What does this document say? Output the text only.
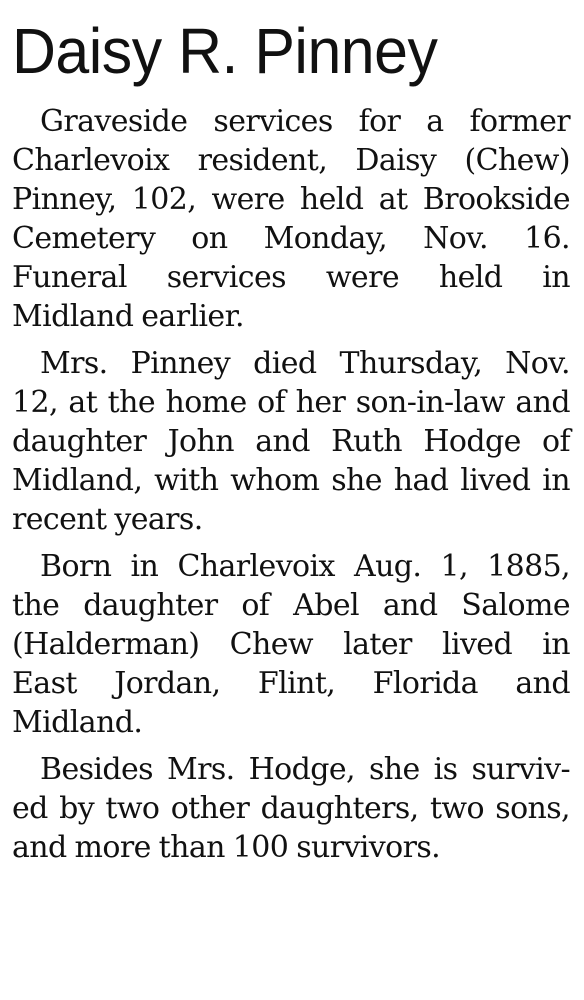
Daisy R. Pinney
Graveside services for a former
Charlevoix resident, Daisy (Chew)
Pinney, 102, were held at Brookside
Cemetery on Monday, Nov. 16.
Funeral services were held in
Midland earlier.
Mrs. Pinney died Thursday, Nov.
12, at the home of her son-in-law and
daughter John and Ruth Hodge of
Midland, with whom she had lived in
recent years.
Born in Charlevoix Aug. 1, 1885,
the daughter of Abel and Salome
(Halderman) Chew later lived in
East Jordan, Flint, Florida and
Midland.
Besides Mrs. Hodge, she is surviv-
ed by two other daughters, two sons,
and more than 100 survivors.
